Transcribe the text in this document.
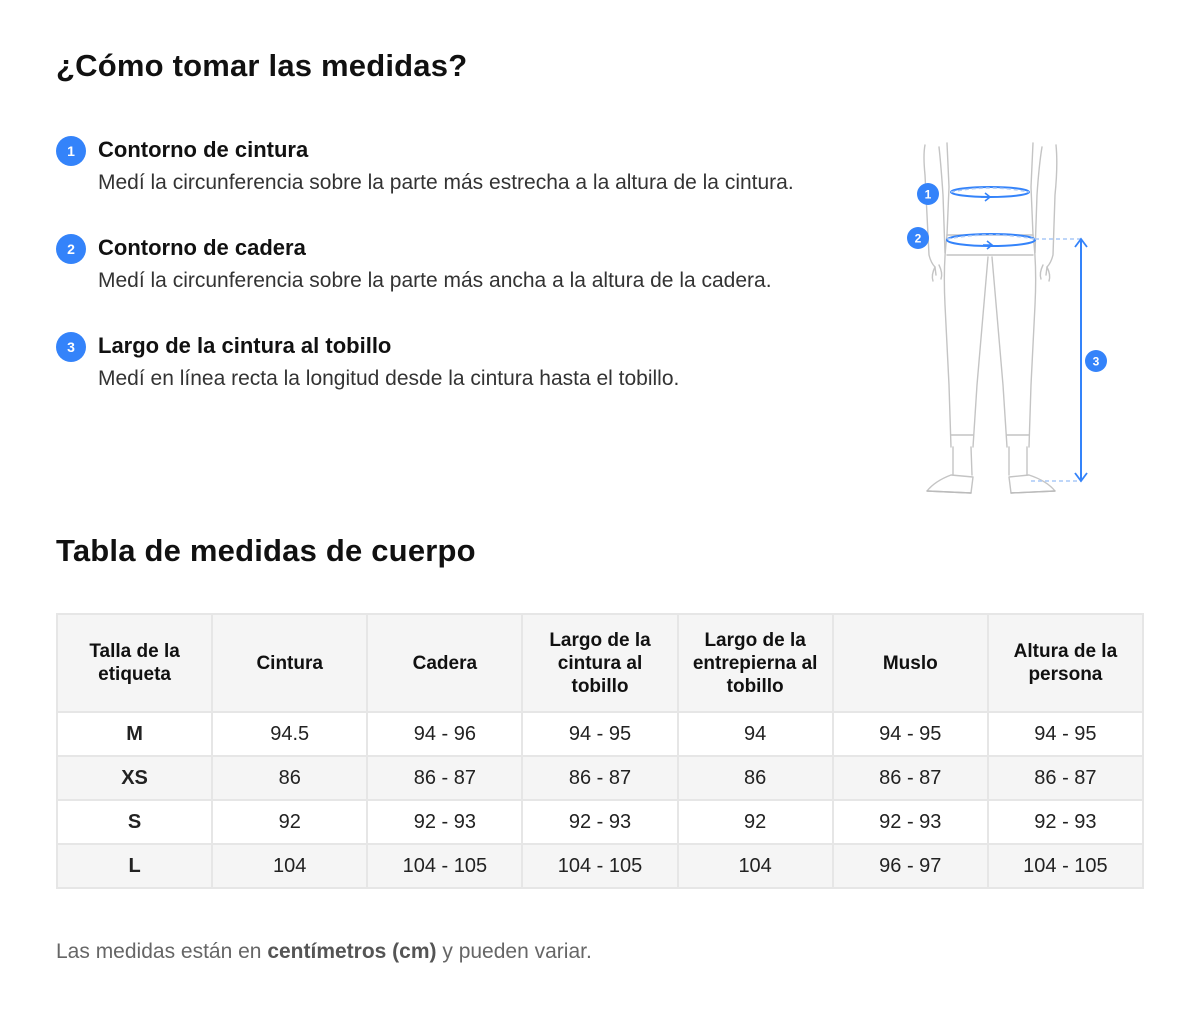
¿Cómo tomar las medidas?
1	Contorno de cintura

Medí la circunferencia sobre la parte más estrecha a la altura de la cintura.

2	Contorno de cadera

Medí la circunferencia sobre la parte más ancha a la altura de la cadera.

3	Largo de la cintura al tobillo

Medí en línea recta la longitud desde la cintura hasta el tobillo.

1
2
3
Tabla de medidas de cuerpo
Talla de la etiqueta	Cintura	Cadera	Largo de la cintura al tobillo	Largo de la entrepierna al tobillo	Muslo	Altura de la persona
M	94.5	94 - 96	94 - 95	94	94 - 95	94 - 95
XS	86	86 - 87	86 - 87	86	86 - 87	86 - 87
S	92	92 - 93	92 - 93	92	92 - 93	92 - 93
L	104	104 - 105	104 - 105	104	96 - 97	104 - 105

Las medidas están en centímetros (cm) y pueden variar.
